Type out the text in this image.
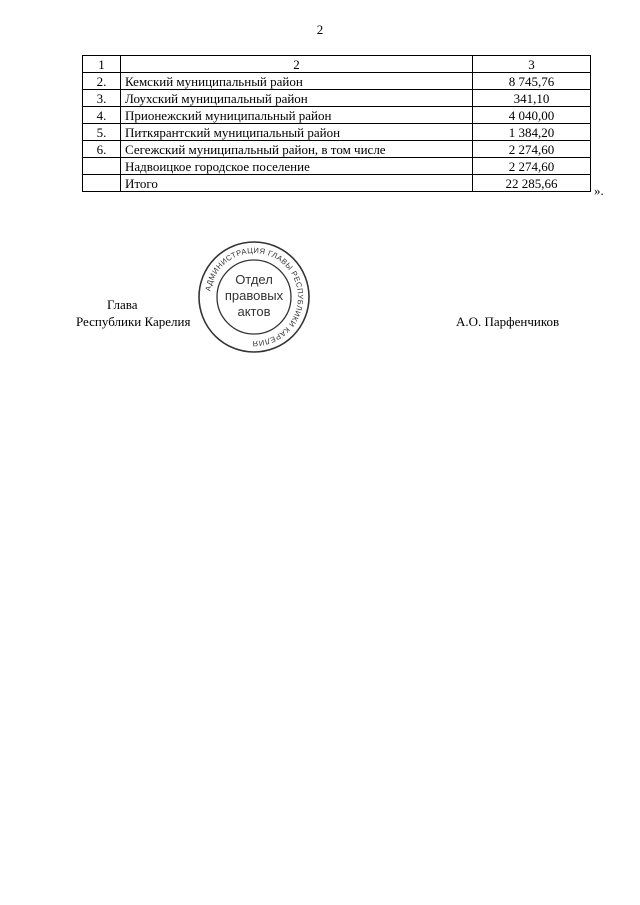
2
1	2	3
2.	Кемский муниципальный район	8 745,76
3.	Лоухский муниципальный район	341,10
4.	Прионежский муниципальный район	4 040,00
5.	Питкярантский муниципальный район	1 384,20
6.	Сегежский муниципальный район, в том числе	2 274,60
	Надвоицкое городское поселение	2 274,60
	Итого	22 285,66	».
Глава
Республики Карелия	А.О. Парфенчиков
АДМИНИСТРАЦИЯ ГЛАВЫ РЕСПУБЛИКИ КАРЕЛИЯ
Отдел
правовых
актов
